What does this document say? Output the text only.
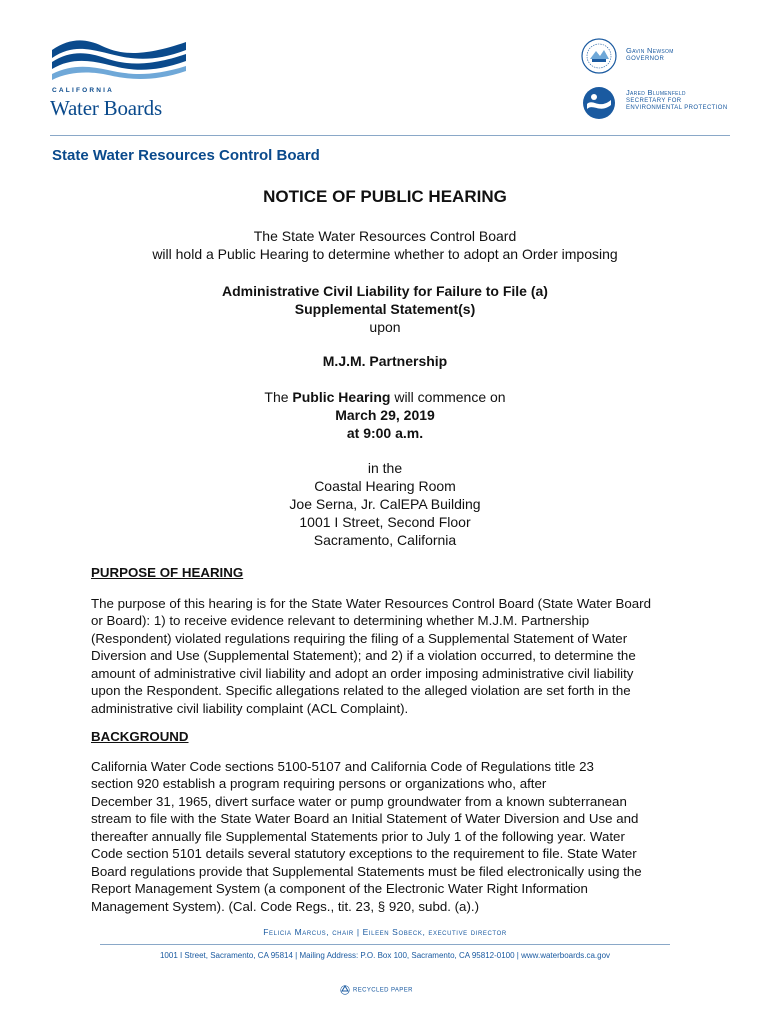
CALIFORNIA
Water Boards
Gavin Newsom
GOVERNOR
Jared Blumenfeld
SECRETARY FOR
ENVIRONMENTAL PROTECTION
State Water Resources Control Board
NOTICE OF PUBLIC HEARING
The State Water Resources Control Board
will hold a Public Hearing to determine whether to adopt an Order imposing
Administrative Civil Liability for Failure to File (a)
Supplemental Statement(s)
upon
M.J.M. Partnership
The Public Hearing will commence on
March 29, 2019
at 9:00 a.m.
in the
Coastal Hearing Room
Joe Serna, Jr. CalEPA Building
1001 I Street, Second Floor
Sacramento, California
PURPOSE OF HEARING
The purpose of this hearing is for the State Water Resources Control Board (State Water Board
or Board): 1) to receive evidence relevant to determining whether M.J.M. Partnership
(Respondent) violated regulations requiring the filing of a Supplemental Statement of Water
Diversion and Use (Supplemental Statement); and 2) if a violation occurred, to determine the
amount of administrative civil liability and adopt an order imposing administrative civil liability
upon the Respondent. Specific allegations related to the alleged violation are set forth in the
administrative civil liability complaint (ACL Complaint).
BACKGROUND
California Water Code sections 5100-5107 and California Code of Regulations title 23
section 920 establish a program requiring persons or organizations who, after
December 31, 1965, divert surface water or pump groundwater from a known subterranean
stream to file with the State Water Board an Initial Statement of Water Diversion and Use and
thereafter annually file Supplemental Statements prior to July 1 of the following year. Water
Code section 5101 details several statutory exceptions to the requirement to file. State Water
Board regulations provide that Supplemental Statements must be filed electronically using the
Report Management System (a component of the Electronic Water Right Information
Management System). (Cal. Code Regs., tit. 23, § 920, subd. (a).)
Felicia Marcus, chair | Eileen Sobeck, executive director
1001 I Street, Sacramento, CA 95814 | Mailing Address: P.O. Box 100, Sacramento, CA 95812-0100 | www.waterboards.ca.gov
RECYCLED PAPER
